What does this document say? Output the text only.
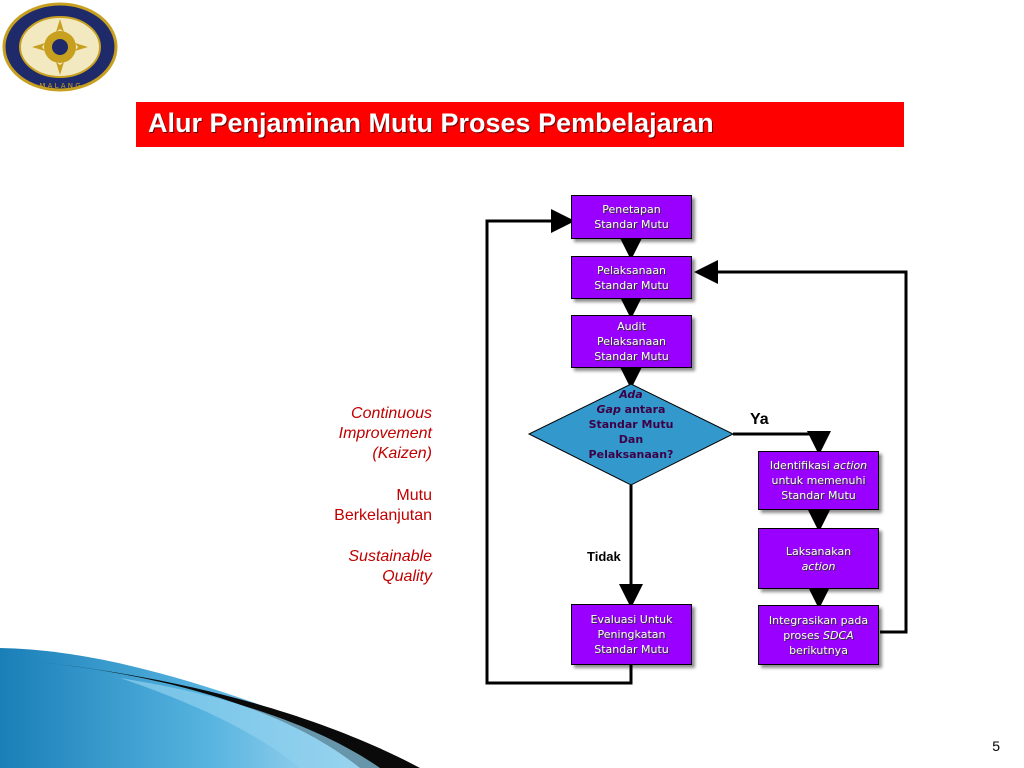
M A L A N G
Alur Penjaminan Mutu Proses Pembelajaran
Continuous
Improvement
(Kaizen)
Mutu
Berkelanjutan
Sustainable
Quality
Penetapan Standar Mutu
Pelaksanaan Standar Mutu
Audit Pelaksanaan Standar Mutu
Ada
Gap antara
Standar Mutu
Dan
Pelaksanaan?
Evaluasi Untuk Peningkatan Standar Mutu
Identifikasi action untuk memenuhi Standar Mutu
Laksanakan action
Integrasikan pada proses SDCA berikutnya
Ya
Tidak
5
